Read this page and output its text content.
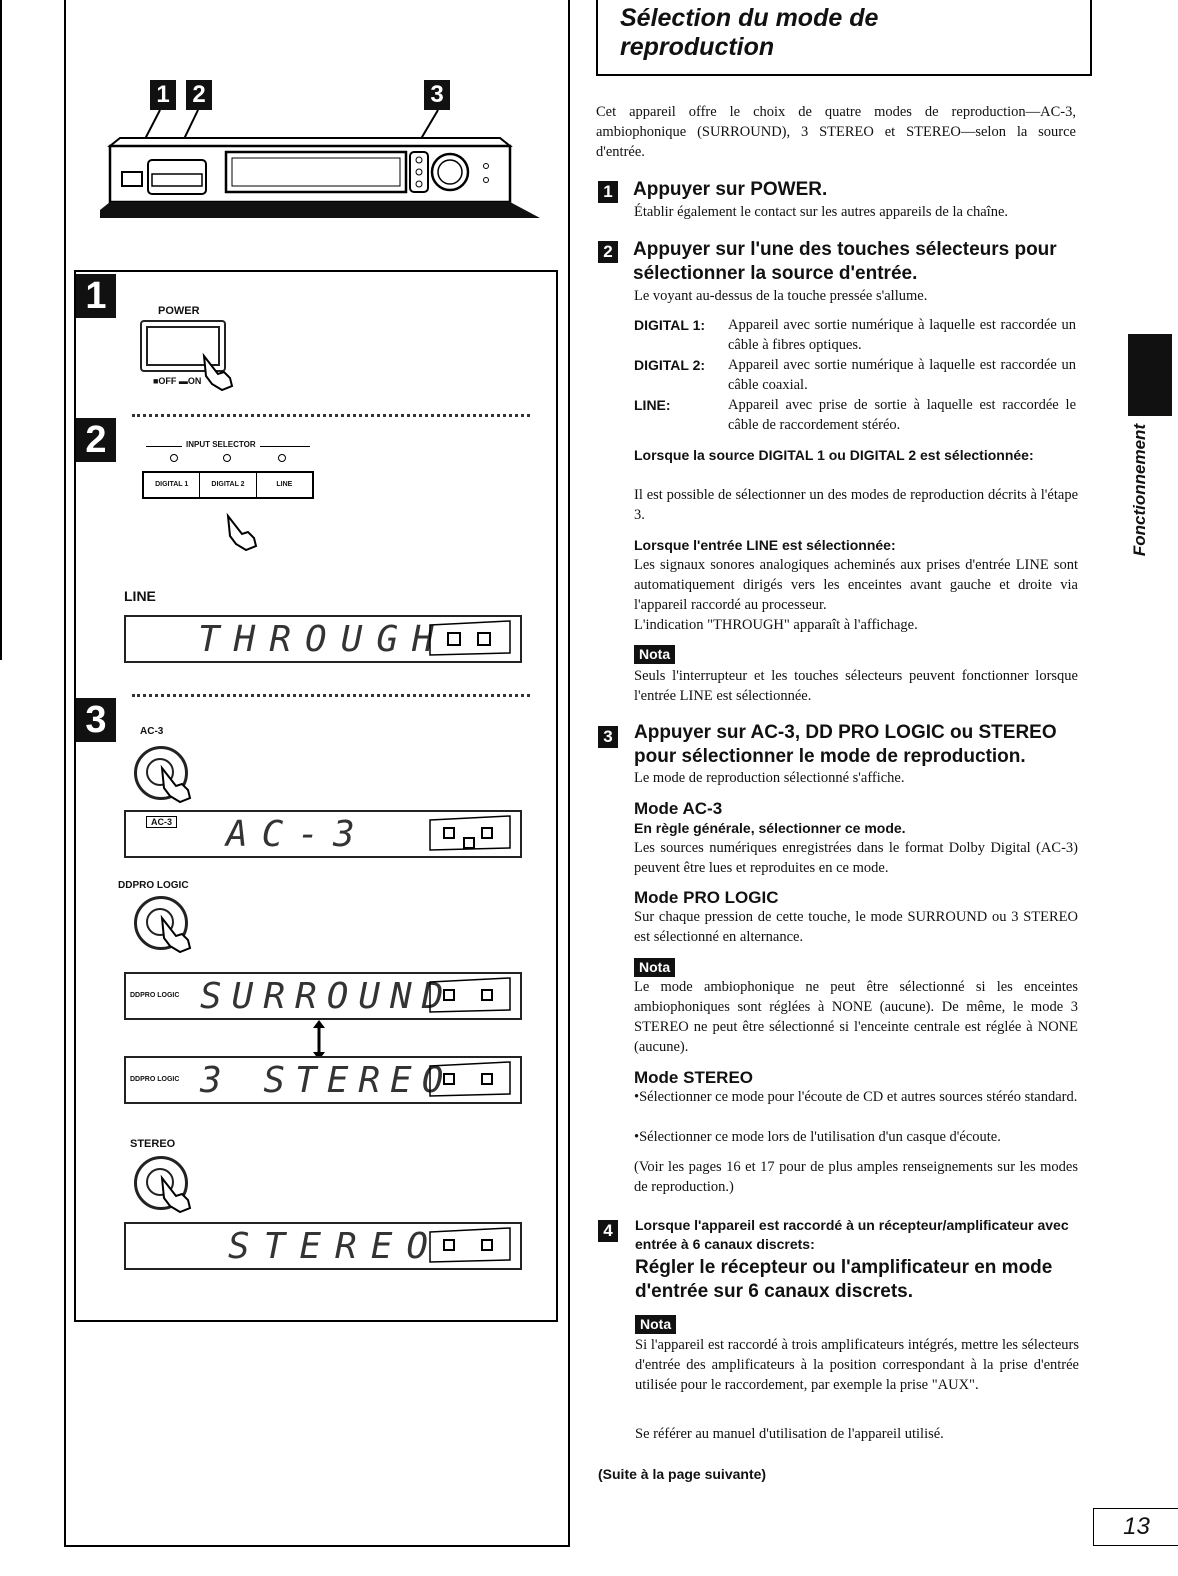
1 2	3
1	POWER
■OFF ▬ON
2	INPUT SELECTOR
DIGITAL 1	DIGITAL 2	LINE
LINE
THROUGH
3	AC-3
AC-3 AC-3
DDPRO LOGIC
DDPRO LOGIC SURROUND
DDPRO LOGIC 3 STEREO
STEREO
STEREO
Sélection du mode de reproduction
Cet appareil offre le choix de quatre modes de reproduction—AC-3, ambiophonique (SURROUND), 3 STEREO et STEREO—selon la source d'entrée.
1 Appuyer sur POWER.
Établir également le contact sur les autres appareils de la chaîne.
2 Appuyer sur l'une des touches sélecteurs pour sélectionner la source d'entrée.
Le voyant au-dessus de la touche pressée s'allume.
DIGITAL 1: Appareil avec sortie numérique à laquelle est raccordée un câble à fibres optiques.
DIGITAL 2: Appareil avec sortie numérique à laquelle est raccordée un câble coaxial.
LINE:	Appareil avec prise de sortie à laquelle est raccordée le câble de raccordement stéréo.
Lorsque la source DIGITAL 1 ou DIGITAL 2 est sélectionnée:
Il est possible de sélectionner un des modes de reproduction décrits à l'étape 3.
Lorsque l'entrée LINE est sélectionnée:
Les signaux sonores analogiques acheminés aux prises d'entrée LINE sont automatiquement dirigés vers les enceintes avant gauche et droite via l'appareil raccordé au processeur.
L'indication "THROUGH" apparaît à l'affichage.
Nota
Seuls l'interrupteur et les touches sélecteurs peuvent fonctionner lorsque l'entrée LINE est sélectionnée.
3 Appuyer sur AC-3, DD PRO LOGIC ou STEREO pour sélectionner le mode de reproduction.
Le mode de reproduction sélectionné s'affiche.
Mode AC-3
En règle générale, sélectionner ce mode.
Les sources numériques enregistrées dans le format Dolby Digital (AC-3) peuvent être lues et reproduites en ce mode.
Mode PRO LOGIC
Sur chaque pression de cette touche, le mode SURROUND ou 3 STEREO est sélectionné en alternance.
Nota
Le mode ambiophonique ne peut être sélectionné si les enceintes ambiophoniques sont réglées à NONE (aucune). De même, le mode 3 STEREO ne peut être sélectionné si l'enceinte centrale est réglée à NONE (aucune).
Mode STEREO
•Sélectionner ce mode pour l'écoute de CD et autres sources stéréo standard.
•Sélectionner ce mode lors de l'utilisation d'un casque d'écoute.
(Voir les pages 16 et 17 pour de plus amples renseignements sur les modes de reproduction.)
4	Lorsque l'appareil est raccordé à un récepteur/amplificateur avec entrée à 6 canaux discrets:
Régler le récepteur ou l'amplificateur en mode d'entrée sur 6 canaux discrets.
Nota
Si l'appareil est raccordé à trois amplificateurs intégrés, mettre les sélecteurs d'entrée des amplificateurs à la position correspondant à la prise d'entrée utilisée pour le raccordement, par exemple la prise "AUX".
Se référer au manuel d'utilisation de l'appareil utilisé.
(Suite à la page suivante)
Fonctionnement
13
